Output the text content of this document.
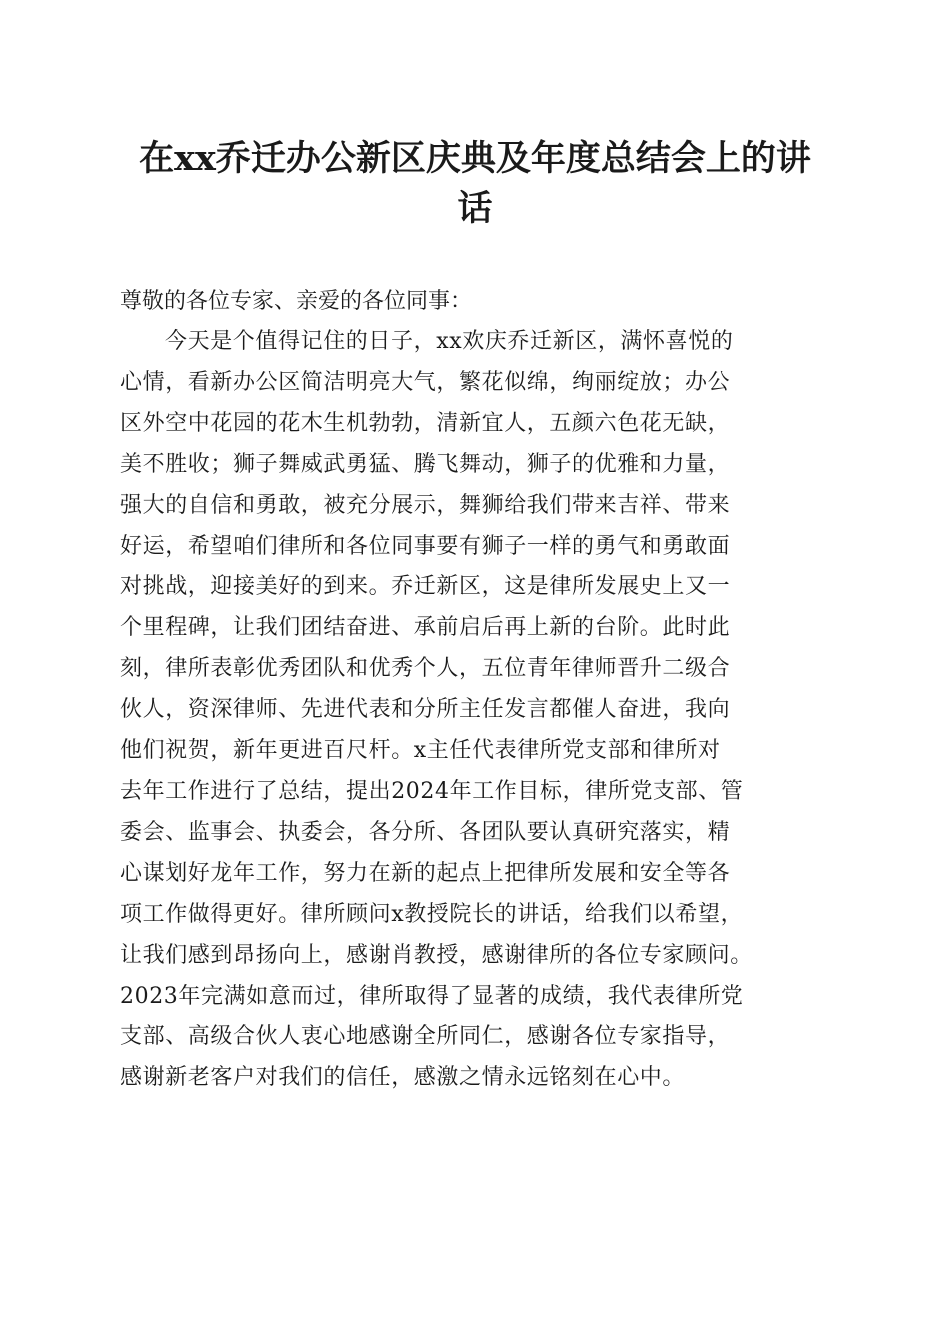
在xx乔迁办公新区庆典及年度总结会上的讲
话

尊敬的各位专家、亲爱的各位同事：

今天是个值得记住的日子，xx欢庆乔迁新区，满怀喜悦的
心情，看新办公区简洁明亮大气，繁花似绵，绚丽绽放；办公
区外空中花园的花木生机勃勃，清新宜人，五颜六色花无缺，
美不胜收；狮子舞威武勇猛、腾飞舞动，狮子的优雅和力量，
强大的自信和勇敢，被充分展示，舞狮给我们带来吉祥、带来
好运，希望咱们律所和各位同事要有狮子一样的勇气和勇敢面
对挑战，迎接美好的到来。乔迁新区，这是律所发展史上又一
个里程碑，让我们团结奋进、承前启后再上新的台阶。此时此
刻，律所表彰优秀团队和优秀个人，五位青年律师晋升二级合
伙人，资深律师、先进代表和分所主任发言都催人奋进，我向
他们祝贺，新年更进百尺杆。x主任代表律所党支部和律所对
去年工作进行了总结，提出2024年工作目标，律所党支部、管
委会、监事会、执委会，各分所、各团队要认真研究落实，精
心谋划好龙年工作，努力在新的起点上把律所发展和安全等各
项工作做得更好。律所顾问x教授院长的讲话，给我们以希望，
让我们感到昂扬向上，感谢肖教授，感谢律所的各位专家顾问。
2023年完满如意而过，律所取得了显著的成绩，我代表律所党
支部、高级合伙人衷心地感谢全所同仁，感谢各位专家指导，
感谢新老客户对我们的信任，感激之情永远铭刻在心中。
